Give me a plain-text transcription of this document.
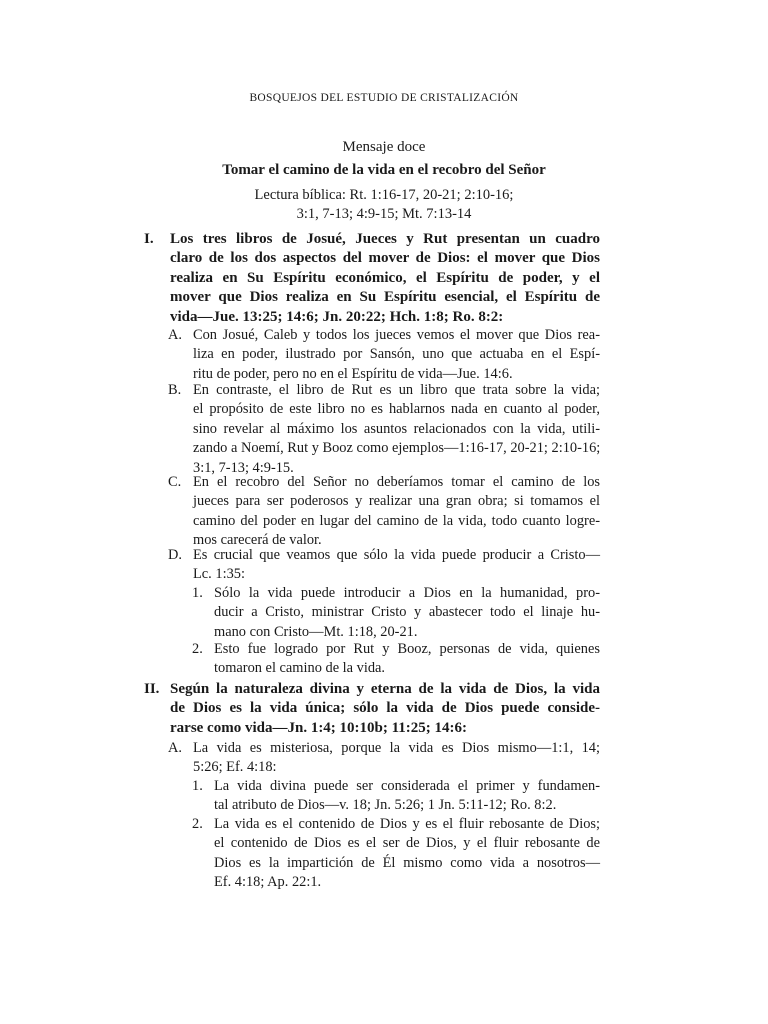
BOSQUEJOS DEL ESTUDIO DE CRISTALIZACIÓN
Mensaje doce
Tomar el camino de la vida en el recobro del Señor
Lectura bíblica: Rt. 1:16-17, 20-21; 2:10-16;
3:1, 7-13; 4:9-15; Mt. 7:13-14
I. Los tres libros de Josué, Jueces y Rut presentan un cuadro
claro de los dos aspectos del mover de Dios: el mover que Dios
realiza en Su Espíritu económico, el Espíritu de poder, y el
mover que Dios realiza en Su Espíritu esencial, el Espíritu de
vida—Jue. 13:25; 14:6; Jn. 20:22; Hch. 1:8; Ro. 8:2:
A. Con Josué, Caleb y todos los jueces vemos el mover que Dios rea-
liza en poder, ilustrado por Sansón, uno que actuaba en el Espí-
ritu de poder, pero no en el Espíritu de vida—Jue. 14:6.
B. En contraste, el libro de Rut es un libro que trata sobre la vida;
el propósito de este libro no es hablarnos nada en cuanto al poder,
sino revelar al máximo los asuntos relacionados con la vida, utili-
zando a Noemí, Rut y Booz como ejemplos—1:16-17, 20-21; 2:10-16;
3:1, 7-13; 4:9-15.
C. En el recobro del Señor no deberíamos tomar el camino de los
jueces para ser poderosos y realizar una gran obra; si tomamos el
camino del poder en lugar del camino de la vida, todo cuanto logre-
mos carecerá de valor.
D. Es crucial que veamos que sólo la vida puede producir a Cristo—
Lc. 1:35:
1. Sólo la vida puede introducir a Dios en la humanidad, pro-
ducir a Cristo, ministrar Cristo y abastecer todo el linaje hu-
mano con Cristo—Mt. 1:18, 20-21.
2. Esto fue logrado por Rut y Booz, personas de vida, quienes
tomaron el camino de la vida.
II. Según la naturaleza divina y eterna de la vida de Dios, la vida
de Dios es la vida única; sólo la vida de Dios puede conside-
rarse como vida—Jn. 1:4; 10:10b; 11:25; 14:6:
A. La vida es misteriosa, porque la vida es Dios mismo—1:1, 14;
5:26; Ef. 4:18:
1. La vida divina puede ser considerada el primer y fundamen-
tal atributo de Dios—v. 18; Jn. 5:26; 1 Jn. 5:11-12; Ro. 8:2.
2. La vida es el contenido de Dios y es el fluir rebosante de Dios;
el contenido de Dios es el ser de Dios, y el fluir rebosante de
Dios es la impartición de Él mismo como vida a nosotros—
Ef. 4:18; Ap. 22:1.
